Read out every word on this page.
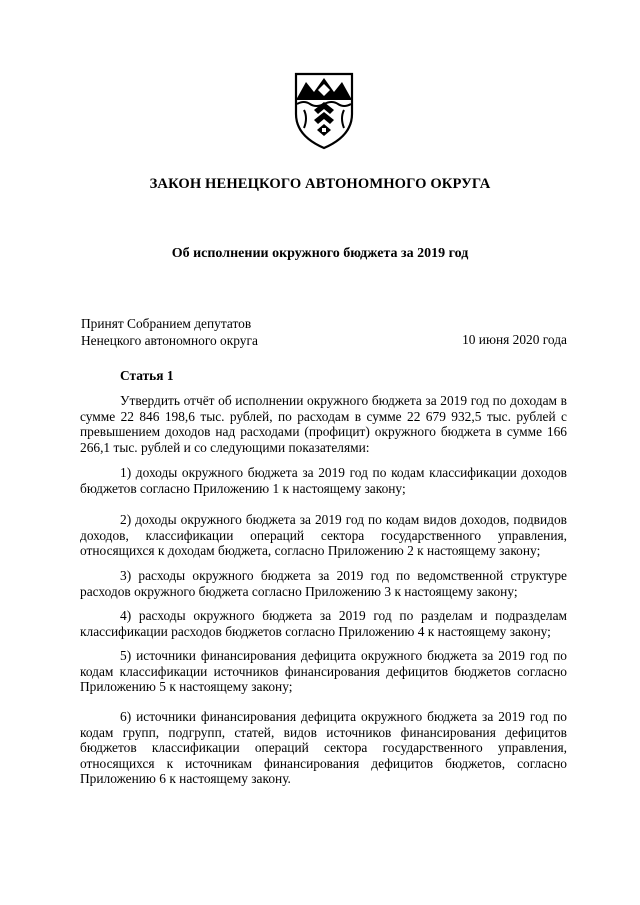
ЗАКОН НЕНЕЦКОГО АВТОНОМНОГО ОКРУГА
Об исполнении окружного бюджета за 2019 год
Принят Собранием депутатов
Ненецкого автономного округа	10 июня 2020 года
Статья 1
Утвердить отчёт об исполнении окружного бюджета за 2019 год по доходам в сумме 22 846 198,6 тыс. рублей, по расходам в сумме 22 679 932,5 тыс. рублей с превышением доходов над расходами (профицит) окружного бюджета в сумме 166 266,1 тыс. рублей и со следующими показателями:
1) доходы окружного бюджета за 2019 год по кодам классификации доходов бюджетов согласно Приложению 1 к настоящему закону;
2) доходы окружного бюджета за 2019 год по кодам видов доходов, подвидов доходов, классификации операций сектора государственного управления, относящихся к доходам бюджета, согласно Приложению 2 к настоящему закону;
3) расходы окружного бюджета за 2019 год по ведомственной структуре расходов окружного бюджета согласно Приложению 3 к настоящему закону;
4) расходы окружного бюджета за 2019 год по разделам и подразделам классификации расходов бюджетов согласно Приложению 4 к настоящему закону;
5) источники финансирования дефицита окружного бюджета за 2019 год по кодам классификации источников финансирования дефицитов бюджетов согласно Приложению 5 к настоящему закону;
6) источники финансирования дефицита окружного бюджета за 2019 год по кодам групп, подгрупп, статей, видов источников финансирования дефицитов бюджетов классификации операций сектора государственного управления, относящихся к источникам финансирования дефицитов бюджетов, согласно Приложению 6 к настоящему закону.
